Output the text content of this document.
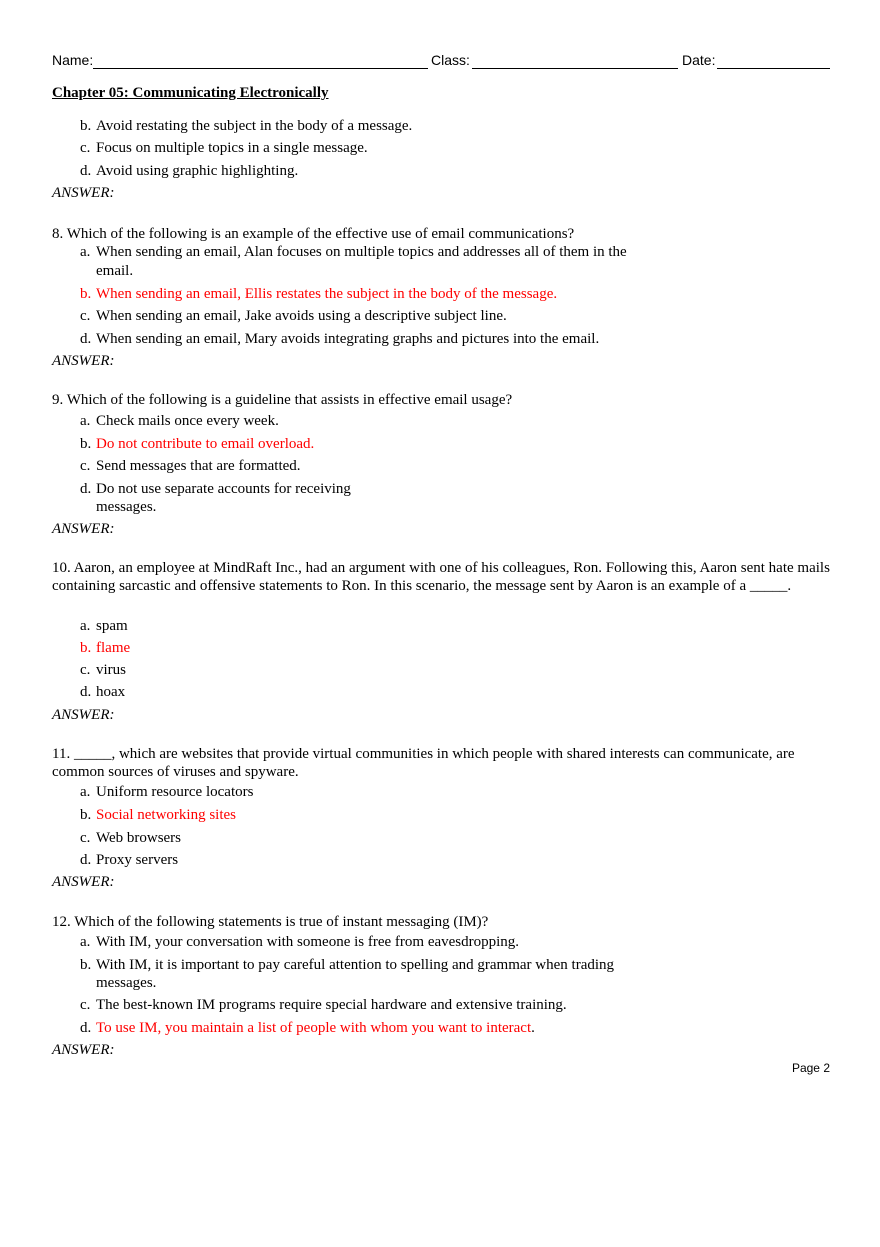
Name:	Class:	Date:
Chapter 05: Communicating Electronically
b. Avoid restating the subject in the body of a message.
c. Focus on multiple topics in a single message.
d. Avoid using graphic highlighting.
ANSWER:
8. Which of the following is an example of the effective use of email communications?
a. When sending an email, Alan focuses on multiple topics and addresses all of them in the
email.
b. When sending an email, Ellis restates the subject in the body of the message.
c. When sending an email, Jake avoids using a descriptive subject line.
d. When sending an email, Mary avoids integrating graphs and pictures into the email.
ANSWER:
9. Which of the following is a guideline that assists in effective email usage?
a. Check mails once every week.
b. Do not contribute to email overload.
c. Send messages that are formatted.
d. Do not use separate accounts for receiving
messages.
ANSWER:
10. Aaron, an employee at MindRaft Inc., had an argument with one of his colleagues, Ron. Following this, Aaron sent hate mails containing sarcastic and offensive statements to Ron. In this scenario, the message sent by Aaron is an example of a _____.
a. spam
b. flame
c. virus
d. hoax
ANSWER:
11. _____, which are websites that provide virtual communities in which people with shared interests can communicate, are common sources of viruses and spyware.
a. Uniform resource locators
b. Social networking sites
c. Web browsers
d. Proxy servers
ANSWER:
12. Which of the following statements is true of instant messaging (IM)?
a. With IM, your conversation with someone is free from eavesdropping.
b. With IM, it is important to pay careful attention to spelling and grammar when trading
messages.
c. The best-known IM programs require special hardware and extensive training.
d. To use IM, you maintain a list of people with whom you want to interact.
ANSWER:
Page 2
